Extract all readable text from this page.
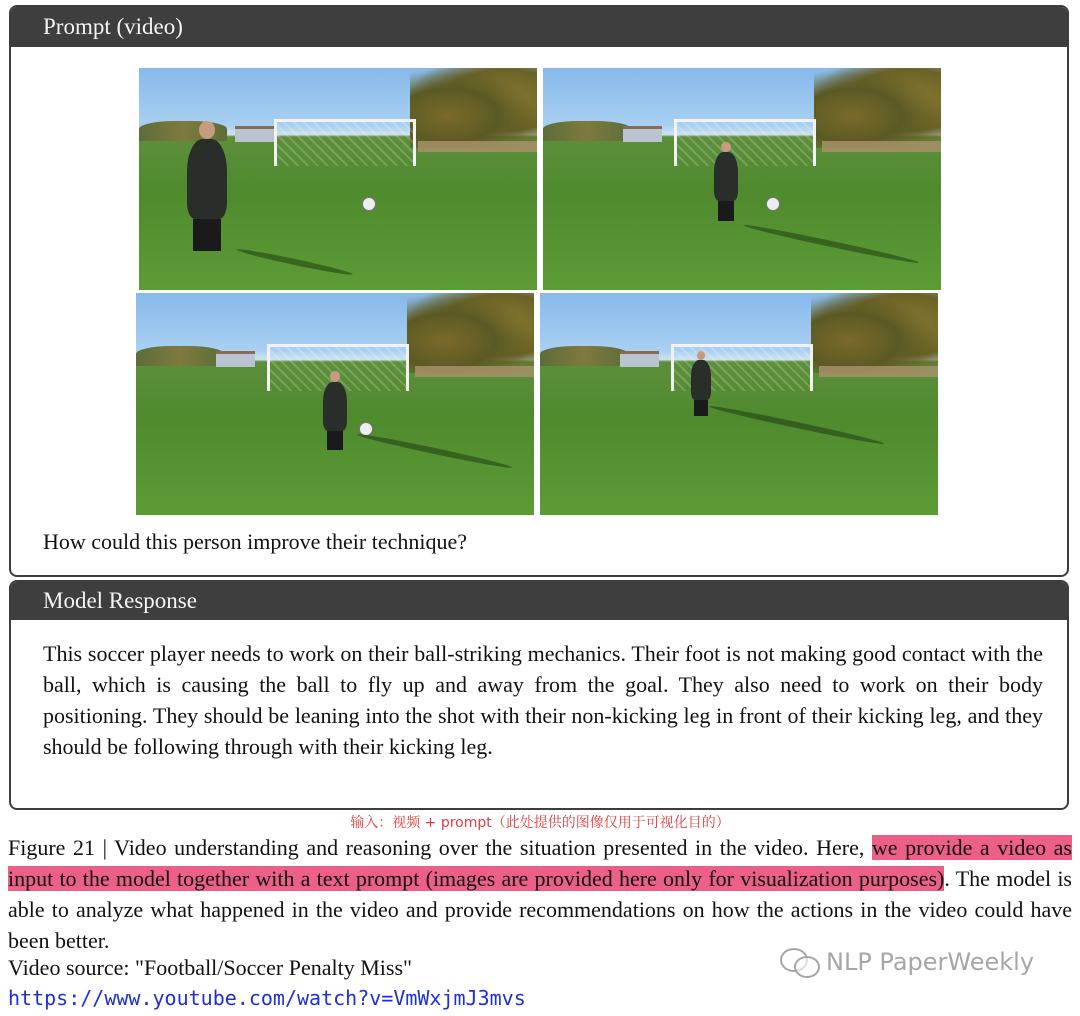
Prompt (video)
How could this person improve their technique?
Model Response
This soccer player needs to work on their ball-striking mechanics. Their foot is not making good contact with the ball, which is causing the ball to fly up and away from the goal. They also need to work on their body positioning. They should be leaning into the shot with their non-kicking leg in front of their kicking leg, and they should be following through with their kicking leg.
输入：视频 + prompt（此处提供的图像仅用于可视化目的）
Figure 21 | Video understanding and reasoning over the situation presented in the video. Here, we provide a video as input to the model together with a text prompt (images are provided here only for visualization purposes). The model is able to analyze what happened in the video and provide recommendations on how the actions in the video could have been better.
Video source: "Football/Soccer Penalty Miss"
https://www.youtube.com/watch?v=VmWxjmJ3mvs
NLP PaperWeekly
